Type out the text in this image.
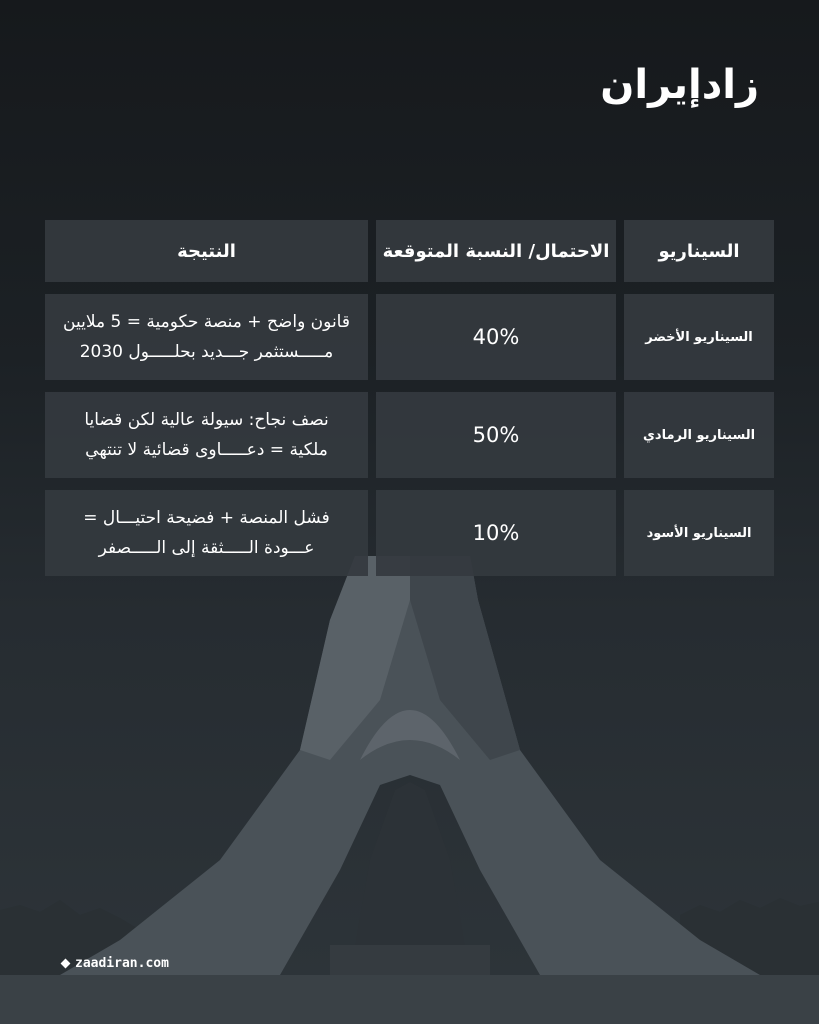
زادإیران
السيناريو
الاحتمال/ النسبة المتوقعة
النتيجة
السيناريو الأخضر
40%
قانون واضح + منصة حكومية = 5 ملايين
مـــــستثمر جـــديد بحلـــــول 2030
السيناريو الرمادي
50%
نصف نجاح: سيولة عالية لكن قضايا
ملكية = دعـــــاوى قضائية لا تنتهي
السيناريو الأسود
10%
فشل المنصة + فضيحة احتيـــال =
عـــودة الـــــثقة إلى الـــــصفر
zaadiran.com
